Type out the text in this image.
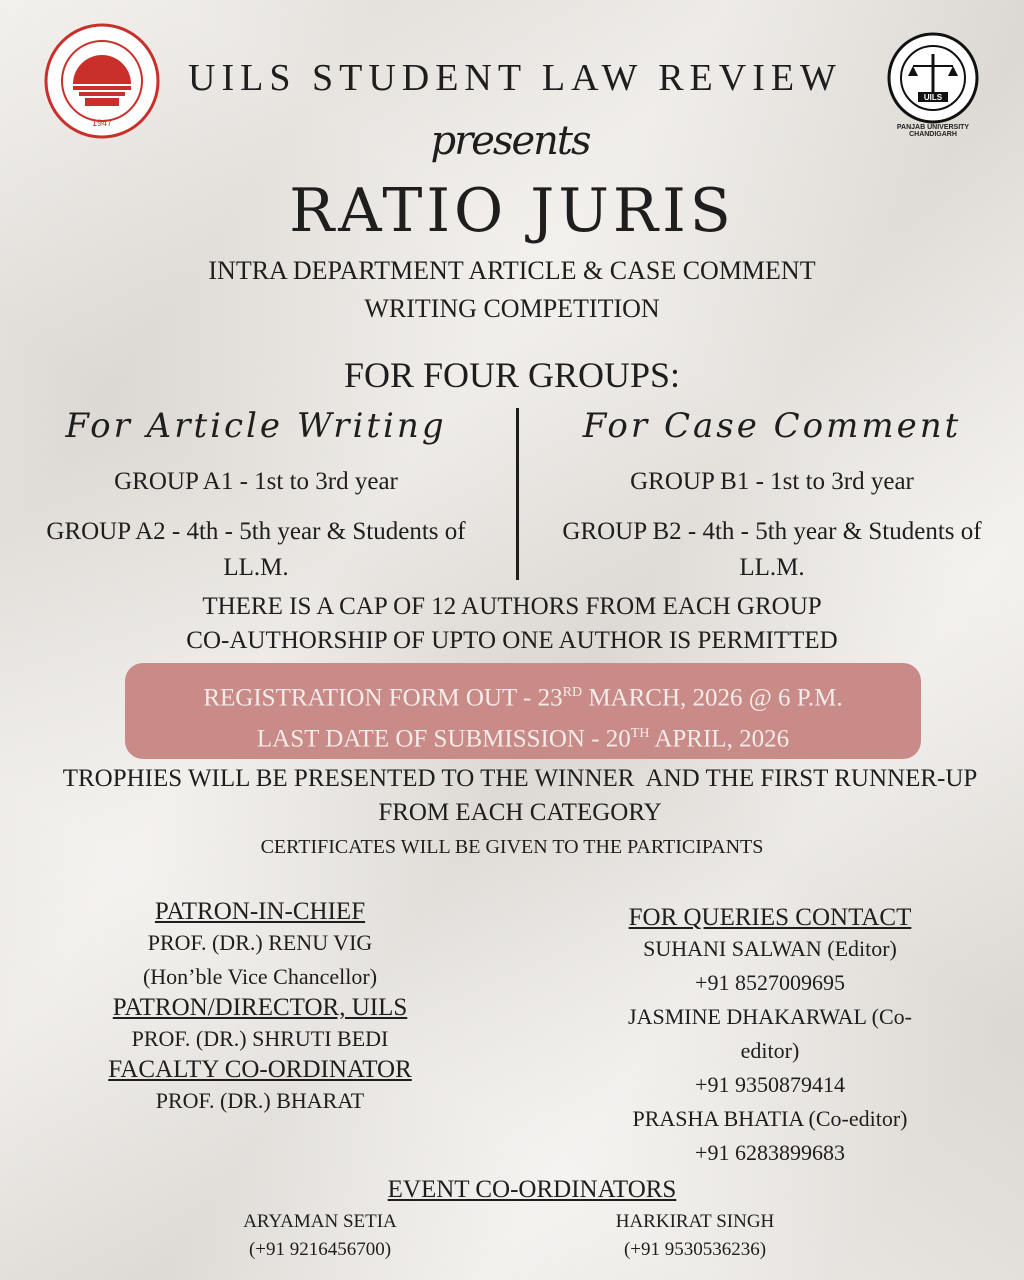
1947
UILS
PANJAB UNIVERSITY CHANDIGARH
UILS STUDENT LAW REVIEW
presents
RATIO JURIS
INTRA DEPARTMENT ARTICLE & CASE COMMENT
WRITING COMPETITION
FOR FOUR GROUPS:
For Article Writing
GROUP A1 - 1st to 3rd year
GROUP A2 - 4th - 5th year & Students of
LL.M.
For Case Comment
GROUP B1 - 1st to 3rd year
GROUP B2 - 4th - 5th year & Students of
LL.M.
THERE IS A CAP OF 12 AUTHORS FROM EACH GROUP
CO-AUTHORSHIP OF UPTO ONE AUTHOR IS PERMITTED
REGISTRATION FORM OUT - 23RD MARCH, 2026 @ 6 P.M.
LAST DATE OF SUBMISSION - 20TH APRIL, 2026
TROPHIES WILL BE PRESENTED TO THE WINNER  AND THE FIRST RUNNER-UP
FROM EACH CATEGORY
CERTIFICATES WILL BE GIVEN TO THE PARTICIPANTS
PATRON-IN-CHIEF
PROF. (DR.) RENU VIG
(Hon’ble Vice Chancellor)
PATRON/DIRECTOR, UILS
PROF. (DR.) SHRUTI BEDI
FACALTY CO-ORDINATOR
PROF. (DR.) BHARAT
FOR QUERIES CONTACT
SUHANI SALWAN (Editor)
+91 8527009695
JASMINE DHAKARWAL (Co-
editor)
+91 9350879414
PRASHA BHATIA (Co-editor)
+91 6283899683
EVENT CO-ORDINATORS
ARYAMAN SETIA
(+91 9216456700)
HARKIRAT SINGH
(+91 9530536236)
